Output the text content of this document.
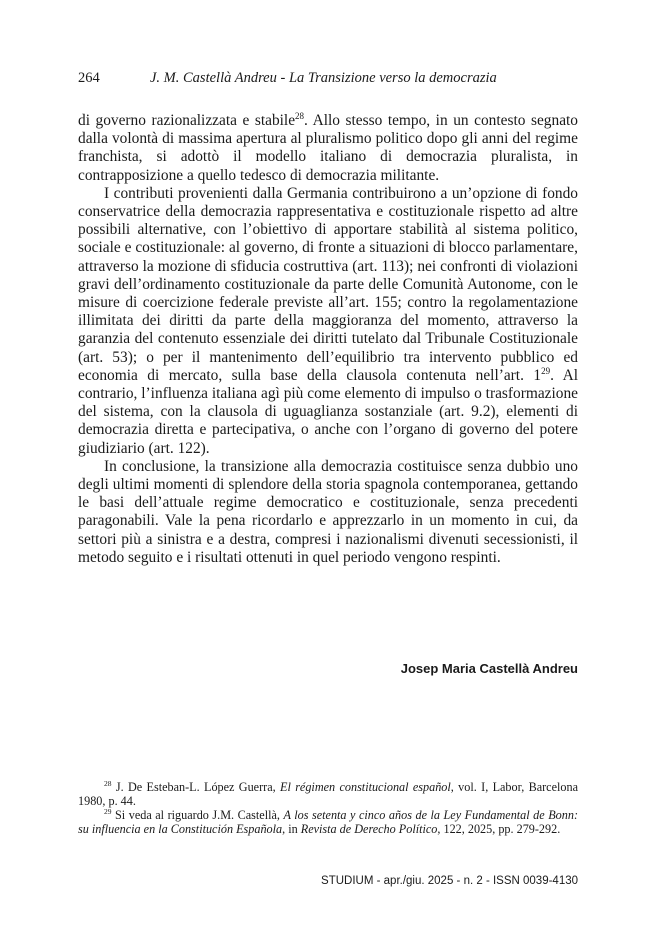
264	J. M. Castellà Andreu - La Transizione verso la democrazia

di governo razionalizzata e stabile$^{28}$. Allo stesso tempo, in un contesto segnato dalla volontà di massima apertura al pluralismo politico dopo gli anni del regime franchista, si adottò il modello italiano di democrazia pluralista, in contrapposizione a quello tedesco di democrazia militante.

I contributi provenienti dalla Germania contribuirono a un’opzione di fondo conservatrice della democrazia rappresentativa e costituzionale rispetto ad altre possibili alternative, con l’obiettivo di apportare stabilità al sistema politico, sociale e costituzionale: al governo, di fronte a situazioni di blocco parlamentare, attraverso la mozione di sfiducia costruttiva (art. 113); nei confronti di violazioni gravi dell’ordinamento costituzionale da parte delle Comunità Autonome, con le misure di coercizione federale previste all’art. 155; contro la regolamentazione illimitata dei diritti da parte della maggioranza del momento, attraverso la garanzia del contenuto essenziale dei diritti tutelato dal Tribunale Costituzionale (art. 53); o per il mantenimento dell’equilibrio tra intervento pubblico ed economia di mercato, sulla base della clausola contenuta nell’art. $1^{29}$. Al contrario, l’influenza italiana agì più come elemento di impulso o trasformazione del sistema, con la clausola di uguaglianza sostanziale (art. 9.2), elementi di democrazia diretta e partecipativa, o anche con l’organo di governo del potere giudiziario (art. 122).

In conclusione, la transizione alla democrazia costituisce senza dubbio uno degli ultimi momenti di splendore della storia spagnola contemporanea, gettando le basi dell’attuale regime democratico e costituzionale, senza precedenti paragonabili. Vale la pena ricordarlo e apprezzarlo in un momento in cui, da settori più a sinistra e a destra, compresi i nazionalismi divenuti secessionisti, il metodo seguito e i risultati ottenuti in quel periodo vengono respinti.

Josep Maria Castellà Andreu

$^{28}$ J. De Esteban-L. López Guerra, El régimen constitucional español, vol. I, Labor, Barcelona 1980, p. 44.

$^{29}$ Si veda al riguardo J.M. Castellà, A los setenta y cinco años de la Ley Fundamental de Bonn: su influencia en la Constitución Española, in Revista de Derecho Político, 122, 2025, pp. 279-292.

STUDIUM - apr./giu. 2025 - n. 2 - ISSN 0039-4130
